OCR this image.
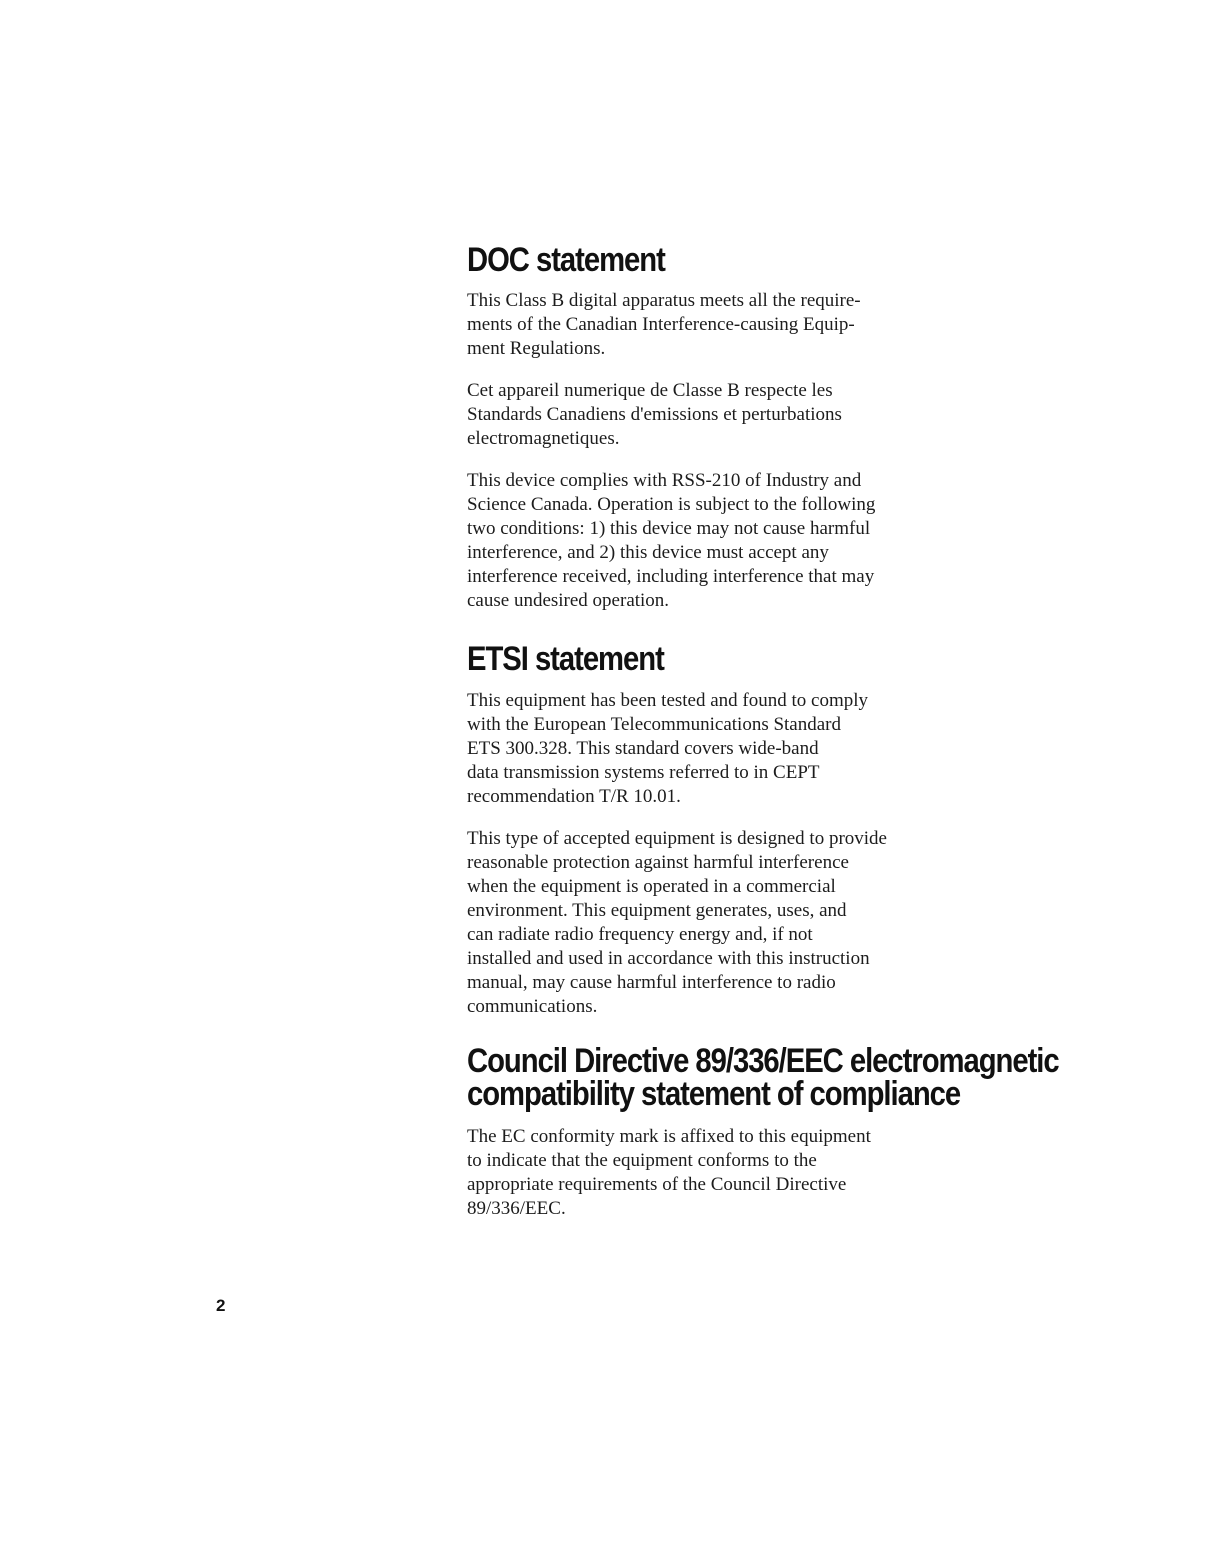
DOC statement

This Class B digital apparatus meets all the require-
ments of the Canadian Interference-causing Equip-
ment Regulations.

Cet appareil numerique de Classe B respecte les
Standards Canadiens d'emissions et perturbations
electromagnetiques.

This device complies with RSS-210 of Industry and
Science Canada. Operation is subject to the following
two conditions: 1) this device may not cause harmful
interference, and 2) this device must accept any
interference received, including interference that may
cause undesired operation.

ETSI statement

This equipment has been tested and found to comply
with the European Telecommunications Standard
ETS 300.328. This standard covers wide-band
data transmission systems referred to in CEPT
recommendation T/R 10.01.

This type of accepted equipment is designed to provide
reasonable protection against harmful interference
when the equipment is operated in a commercial
environment. This equipment generates, uses, and
can radiate radio frequency energy and, if not
installed and used in accordance with this instruction
manual, may cause harmful interference to radio
communications.

Council Directive 89/336/EEC electromagnetic
compatibility statement of compliance

The EC conformity mark is affixed to this equipment
to indicate that the equipment conforms to the
appropriate requirements of the Council Directive
89/336/EEC.

2
